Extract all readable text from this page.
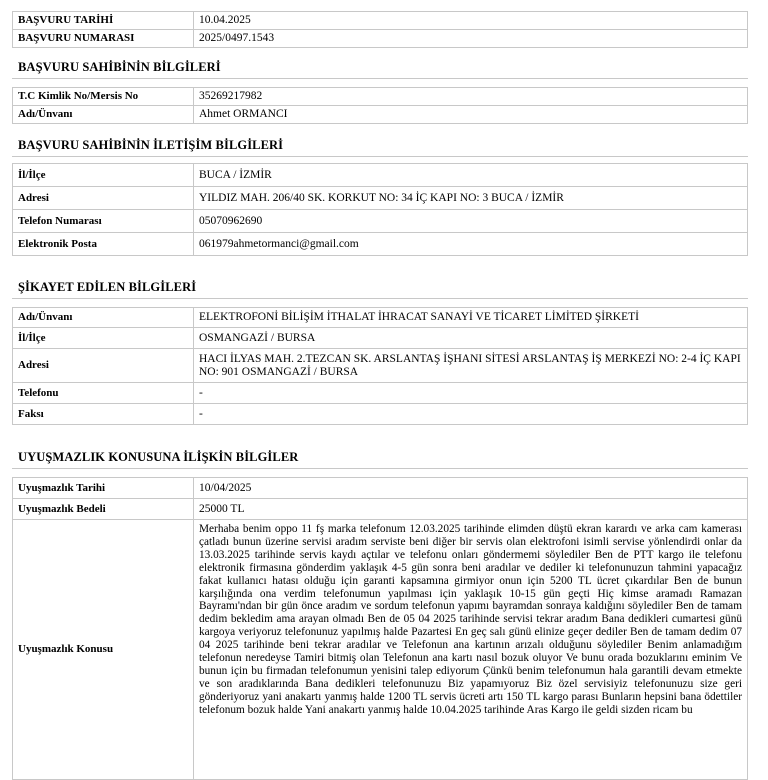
BAŞVURU TARİHİ	10.04.2025
BAŞVURU NUMARASI	2025/0497.1543
BAŞVURU SAHİBİNİN BİLGİLERİ
T.C Kimlik No/Mersis No	35269217982
Adı/Ünvanı	Ahmet ORMANCI
BAŞVURU SAHİBİNİN İLETİŞİM BİLGİLERİ
İl/İlçe	BUCA / İZMİR
Adresi	YILDIZ MAH. 206/40 SK. KORKUT NO: 34 İÇ KAPI NO: 3 BUCA / İZMİR
Telefon Numarası	05070962690
Elektronik Posta	061979ahmetormanci@gmail.com
ŞİKAYET EDİLEN BİLGİLERİ
Adı/Ünvanı	ELEKTROFONİ BİLİŞİM İTHALAT İHRACAT SANAYİ VE TİCARET LİMİTED ŞİRKETİ
İl/İlçe	OSMANGAZİ / BURSA
Adresi	HACI İLYAS MAH. 2.TEZCAN SK. ARSLANTAŞ İŞHANI SİTESİ ARSLANTAŞ İŞ MERKEZİ NO: 2-4 İÇ KAPI NO: 901 OSMANGAZİ / BURSA
Telefonu	-
Faksı	-
UYUŞMAZLIK KONUSUNA İLİŞKİN BİLGİLER
Uyuşmazlık Tarihi	10/04/2025
Uyuşmazlık Bedeli	25000 TL
Uyuşmazlık Konusu	Merhaba benim oppo 11 fş marka telefonum 12.03.2025 tarihinde elimden düştü ekran karardı ve arka cam kamerası çatladı bunun üzerine servisi aradım serviste beni diğer bir servis olan elektrofoni isimli servise yönlendirdi onlar da 13.03.2025 tarihinde servis kaydı açtılar ve telefonu onları göndermemi söylediler Ben de PTT kargo ile telefonu elektronik firmasına gönderdim yaklaşık 4-5 gün sonra beni aradılar ve dediler ki telefonunuzun tahmini yapacağız fakat kullanıcı hatası olduğu için garanti kapsamına girmiyor onun için 5200 TL ücret çıkardılar Ben de bunun karşılığında ona verdim telefonumun yapılması için yaklaşık 10-15 gün geçti Hiç kimse aramadı Ramazan Bayramı'ndan bir gün önce aradım ve sordum telefonun yapımı bayramdan sonraya kaldığını söylediler Ben de tamam dedim bekledim ama arayan olmadı Ben de 05 04 2025 tarihinde servisi tekrar aradım Bana dedikleri cumartesi günü kargoya veriyoruz telefonunuz yapılmış halde Pazartesi En geç salı günü elinize geçer dediler Ben de tamam dedim 07 04 2025 tarihinde beni tekrar aradılar ve Telefonun ana kartının arızalı olduğunu söylediler Benim anlamadığım telefonun neredeyse Tamiri bitmiş olan Telefonun ana kartı nasıl bozuk oluyor Ve bunu orada bozuklarını eminim Ve bunun için bu firmadan telefonumun yenisini talep ediyorum Çünkü benim telefonumun hala garantili devam etmekte ve son aradıklarında Bana dedikleri telefonunuzu Biz yapamıyoruz Biz özel servisiyiz telefonunuzu size geri gönderiyoruz yani anakartı yanmış halde 1200 TL servis ücreti artı 150 TL kargo parası Bunların hepsini bana ödettiler telefonum bozuk halde Yani anakartı yanmış halde 10.04.2025 tarihinde Aras Kargo ile geldi sizden ricam bu
